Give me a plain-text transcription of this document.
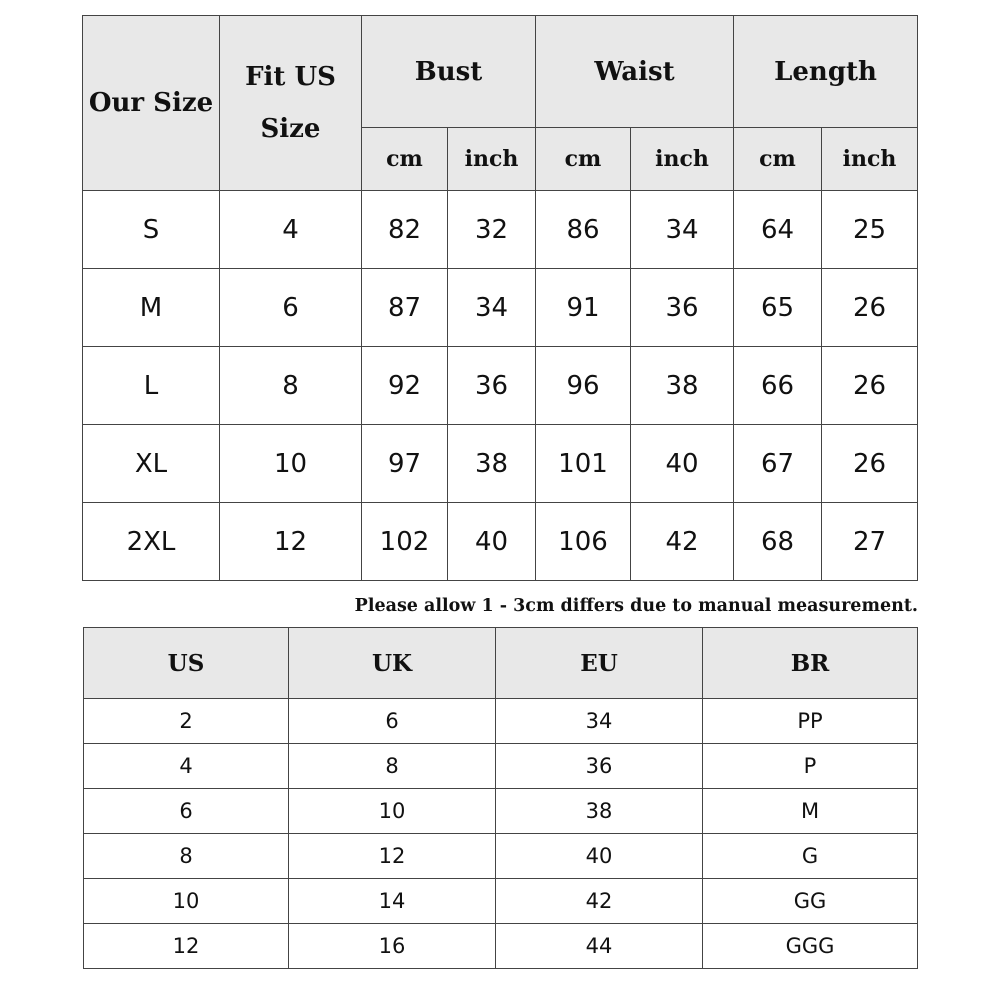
Our Size	Fit US Size	Bust		Waist		Length	
		cm	inch	cm	inch	cm	inch
S	4	82	32	86	34	64	25
M	6	87	34	91	36	65	26
L	8	92	36	96	38	66	26
XL	10	97	38	101	40	67	26
2XL	12	102	40	106	42	68	27

Please allow 1 - 3cm differs due to manual measurement.

US	UK	EU	BR
2	6	34	PP
4	8	36	P
6	10	38	M
8	12	40	G
10	14	42	GG
12	16	44	GGG
